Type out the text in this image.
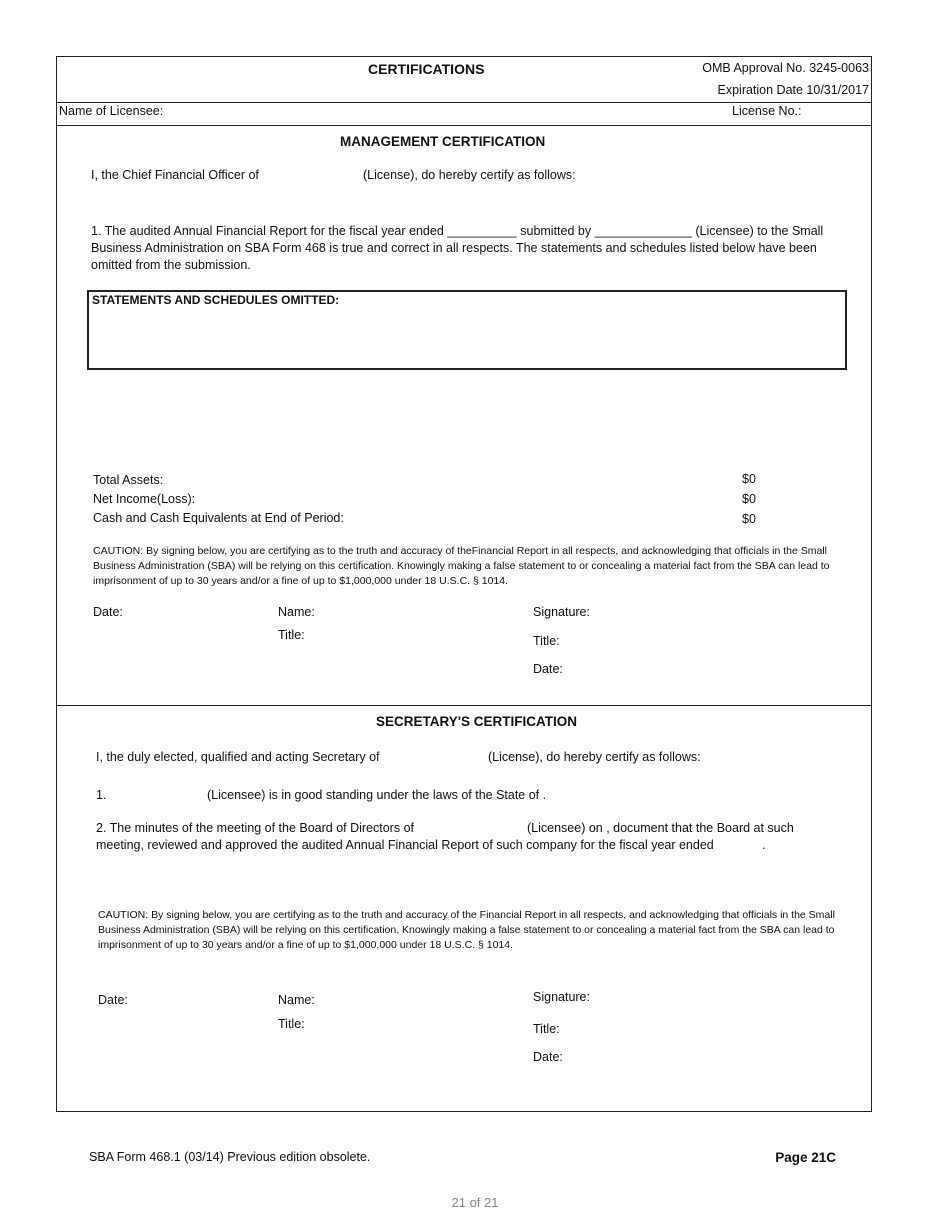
CERTIFICATIONS	OMB Approval No. 3245-0063
Expiration Date 10/31/2017
Name of Licensee:	License No.:
MANAGEMENT CERTIFICATION
I, the Chief Financial Officer of	(License), do hereby certify as follows:
1. The audited Annual Financial Report for the fiscal year ended __________ submitted by ______________ (Licensee) to the Small Business Administration on SBA Form 468 is true and correct in all respects. The statements and schedules listed below have been omitted from the submission.
STATEMENTS AND SCHEDULES OMITTED:
Total Assets:	$0
Net Income(Loss):	$0
Cash and Cash Equivalents at End of Period:	$0
CAUTION: By signing below, you are certifying as to the truth and accuracy of theFinancial Report in all respects, and acknowledging that officials in the Small Business Administration (SBA) will be relying on this certification. Knowingly making a false statement to or concealing a material fact from the SBA can lead to imprisonment of up to 30 years and/or a fine of up to $1,000,000 under 18 U.S.C. § 1014.
Date:	Name:
Title:
Signature:
Title:
Date:
SECRETARY'S CERTIFICATION
I, the duly elected, qualified and acting Secretary of	(License), do hereby certify as follows:
1.	(Licensee) is in good standing under the laws of the State of .
2. The minutes of the meeting of the Board of Directors of	(Licensee) on , document that the Board at such
meeting, reviewed and approved the audited Annual Financial Report of such company for the fiscal year ended	.
CAUTION: By signing below, you are certifying as to the truth and accuracy of the Financial Report in all respects, and acknowledging that officials in the Small Business Administration (SBA) will be relying on this certification. Knowingly making a false statement to or concealing a material fact from the SBA can lead to imprisonment of up to 30 years and/or a fine of up to $1,000,000 under 18 U.S.C. § 1014.
Date:	Name:
Title:
Signature:
Title:
Date:
SBA Form 468.1 (03/14) Previous edition obsolete.	Page 21C
21 of 21
